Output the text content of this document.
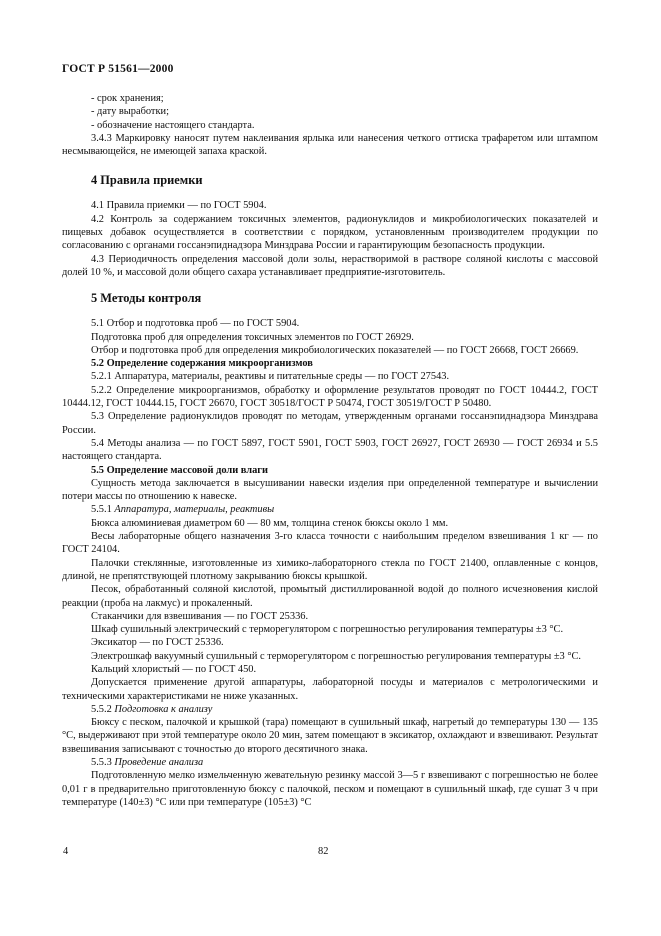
ГОСТ Р 51561—2000

- срок хранения;

- дату выработки;

- обозначение настоящего стандарта.

3.4.3 Маркировку наносят путем наклеивания ярлыка или нанесения четкого оттиска трафаретом или штампом несмывающейся, не имеющей запаха краской.

4 Правила приемки

4.1 Правила приемки — по ГОСТ 5904.

4.2 Контроль за содержанием токсичных элементов, радионуклидов и микробиологических показателей и пищевых добавок осуществляется в соответствии с порядком, установленным производителем продукции по согласованию с органами госсанэпиднадзора Минздрава России и гарантирующим безопасность продукции.

4.3 Периодичность определения массовой доли золы, нерастворимой в растворе соляной кислоты с массовой долей 10 %, и массовой доли общего сахара устанавливает предприятие-изготовитель.

5 Методы контроля

5.1 Отбор и подготовка проб — по ГОСТ 5904.

Подготовка проб для определения токсичных элементов по ГОСТ 26929.

Отбор и подготовка проб для определения микробиологических показателей — по ГОСТ 26668, ГОСТ 26669.

5.2 Определение содержания микроорганизмов

5.2.1 Аппаратура, материалы, реактивы и питательные среды — по ГОСТ 27543.

5.2.2 Определение микроорганизмов, обработку и оформление результатов проводят по ГОСТ 10444.2, ГОСТ 10444.12, ГОСТ 10444.15, ГОСТ 26670, ГОСТ 30518/ГОСТ Р 50474, ГОСТ 30519/ГОСТ Р 50480.

5.3 Определение радионуклидов проводят по методам, утвержденным органами госсанэпиднадзора Минздрава России.

5.4 Методы анализа — по ГОСТ 5897, ГОСТ 5901, ГОСТ 5903, ГОСТ 26927, ГОСТ 26930 — ГОСТ 26934 и 5.5 настоящего стандарта.

5.5 Определение массовой доли влаги

Сущность метода заключается в высушивании навески изделия при определенной температуре и вычислении потери массы по отношению к навеске.

5.5.1 Аппаратура, материалы, реактивы

Бюкса алюминиевая диаметром 60 — 80 мм, толщина стенок бюксы около 1 мм.

Весы лабораторные общего назначения 3-го класса точности с наибольшим пределом взвешивания 1 кг — по ГОСТ 24104.

Палочки стеклянные, изготовленные из химико-лабораторного стекла по ГОСТ 21400, оплавленные с концов, длиной, не препятствующей плотному закрыванию бюксы крышкой.

Песок, обработанный соляной кислотой, промытый дистиллированной водой до полного исчезновения кислой реакции (проба на лакмус) и прокаленный.

Стаканчики для взвешивания — по ГОСТ 25336.

Шкаф сушильный электрический с терморегулятором с погрешностью регулирования температуры ±3 °С.

Эксикатор — по ГОСТ 25336.

Электрошкаф вакуумный сушильный с терморегулятором с погрешностью регулирования температуры ±3 °С.

Кальций хлористый — по ГОСТ 450.

Допускается применение другой аппаратуры, лабораторной посуды и материалов с метрологическими и техническими характеристиками не ниже указанных.

5.5.2 Подготовка к анализу

Бюксу с песком, палочкой и крышкой (тара) помещают в сушильный шкаф, нагретый до температуры 130 — 135 °С, выдерживают при этой температуре около 20 мин, затем помещают в эксикатор, охлаждают и взвешивают. Результат взвешивания записывают с точностью до второго десятичного знака.

5.5.3 Проведение анализа

Подготовленную мелко измельченную жевательную резинку массой 3—5 г взвешивают с погрешностью не более 0,01 г в предварительно приготовленную бюксу с палочкой, песком и помещают в сушильный шкаф, где сушат 3 ч при температуре (140±3) °С или при температуре (105±3) °С

4	82
